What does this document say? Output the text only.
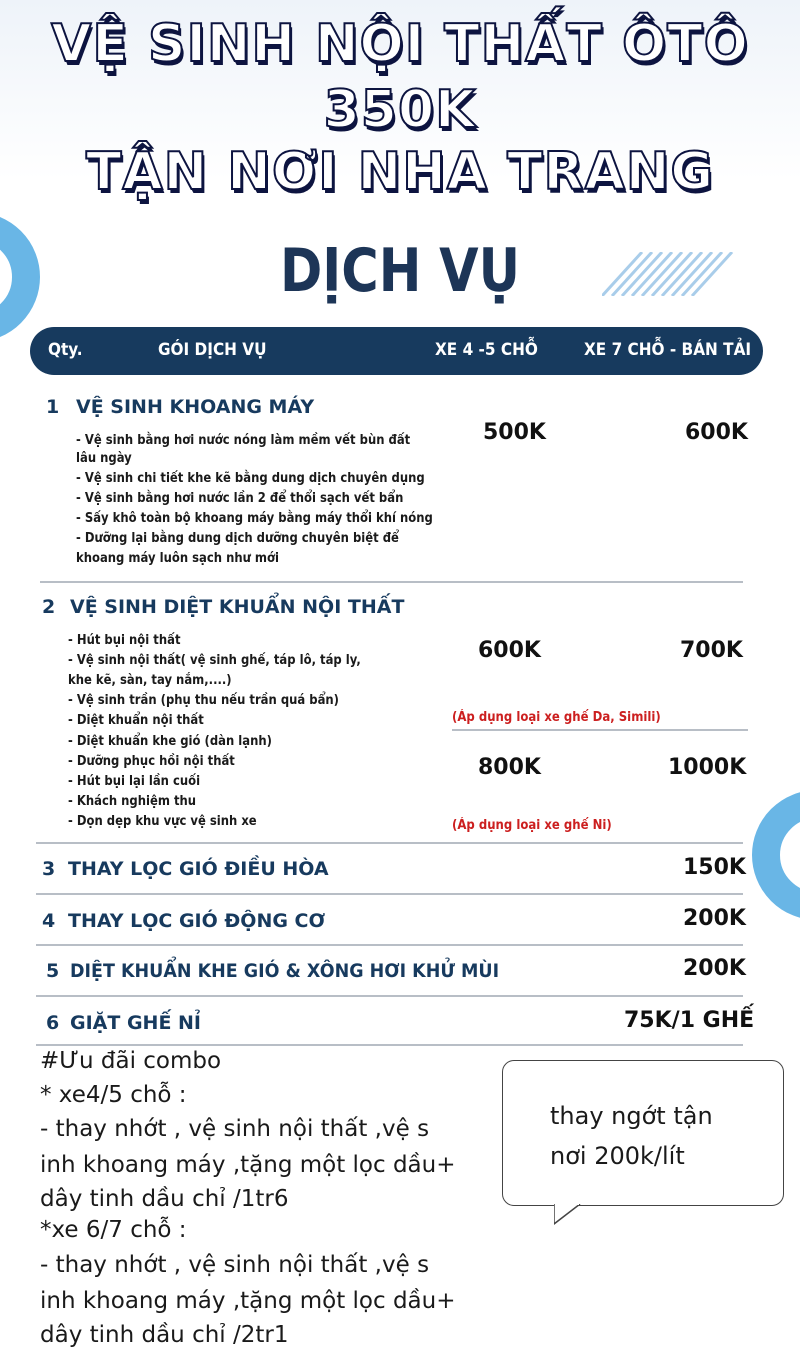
VỆ SINH NỘI THẤT ÔTÔ
350K
TẬN NƠI NHA TRANG
DỊCH VỤ
Qty.	GÓI DỊCH VỤ	XE 4 -5 CHỖ	XE 7 CHỖ - BÁN TẢI
1 VỆ SINH KHOANG MÁY
- Vệ sinh bằng hơi nước nóng làm mềm vết bùn đất
lâu ngày
- Vệ sinh chi tiết khe kẽ bằng dung dịch chuyên dụng
- Vệ sinh bằng hơi nước lần 2 để thổi sạch vết bẩn
- Sấy khô toàn bộ khoang máy bằng máy thổi khí nóng
- Dưỡng lại bằng dung dịch dưỡng chuyên biệt để
khoang máy luôn sạch như mới
500K	600K
2 VỆ SINH DIỆT KHUẨN NỘI THẤT
- Hút bụi nội thất
- Vệ sinh nội thất( vệ sinh ghế, táp lô, táp ly,
khe kẽ, sàn, tay nắm,....)
- Vệ sinh trần (phụ thu nếu trần quá bẩn)
- Diệt khuẩn nội thất
- Diệt khuẩn khe gió (dàn lạnh)
- Dưỡng phục hồi nội thất
- Hút bụi lại lần cuối
- Khách nghiệm thu
- Dọn dẹp khu vực vệ sinh xe
600K	700K
(Áp dụng loại xe ghế Da, Simili)
800K	1000K
(Áp dụng loại xe ghế Ni)
3 THAY LỌC GIÓ ĐIỀU HÒA	150K
4 THAY LỌC GIÓ ĐỘNG CƠ	200K
5 DIỆT KHUẨN KHE GIÓ & XÔNG HƠI KHỬ MÙI	200K
6 GIẶT GHẾ NỈ	75K/1 GHẾ
#Ưu đãi combo
* xe4/5 chỗ :
- thay nhớt , vệ sinh nội thất ,vệ s
inh khoang máy ,tặng một lọc dầu+
dây tinh dầu chỉ /1tr6
*xe 6/7 chỗ :
- thay nhớt , vệ sinh nội thất ,vệ s
inh khoang máy ,tặng một lọc dầu+
dây tinh dầu chỉ /2tr1
thay ngớt tận
nơi 200k/lít
